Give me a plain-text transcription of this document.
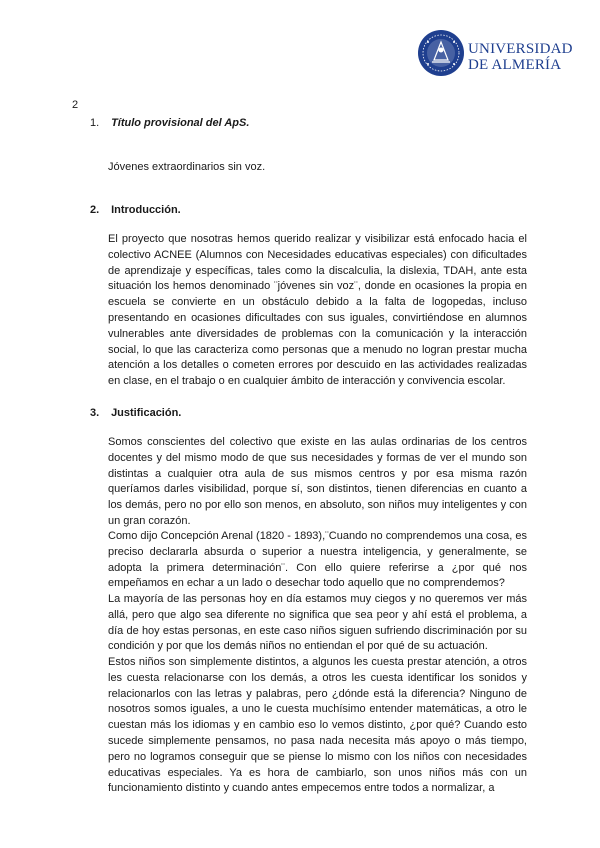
UNIVERSIDAD
DE ALMERÍA
2
1. Título provisional del ApS.

Jóvenes extraordinarios sin voz.

2. Introducción.

El proyecto que nosotras hemos querido realizar y visibilizar está enfocado hacia el colectivo ACNEE (Alumnos con Necesidades educativas especiales) con dificultades de aprendizaje y específicas, tales como la discalculia, la dislexia, TDAH, ante esta situación los hemos denominado ¨jóvenes sin voz¨, donde en ocasiones la propia en escuela se convierte en un obstáculo debido a la falta de logopedas, incluso presentando en ocasiones dificultades con sus iguales, convirtiéndose en alumnos vulnerables ante diversidades de problemas con la comunicación y la interacción social, lo que las caracteriza como personas que a menudo no logran prestar mucha atención a los detalles o cometen errores por descuido en las actividades realizadas en clase, en el trabajo o en cualquier ámbito de interacción y convivencia escolar.

3. Justificación.

Somos conscientes del colectivo que existe en las aulas ordinarias de los centros docentes y del mismo modo de que sus necesidades y formas de ver el mundo son distintas a cualquier otra aula de sus mismos centros y por esa misma razón queríamos darles visibilidad, porque sí, son distintos, tienen diferencias en cuanto a los demás, pero no por ello son menos, en absoluto, son niños muy inteligentes y con un gran corazón.

Como dijo Concepción Arenal (1820 - 1893),¨Cuando no comprendemos una cosa, es preciso declararla absurda o superior a nuestra inteligencia, y generalmente, se adopta la primera determinación¨. Con ello quiere referirse a ¿por qué nos empeñamos en echar a un lado o desechar todo aquello que no comprendemos?

La mayoría de las personas hoy en día estamos muy ciegos y no queremos ver más allá, pero que algo sea diferente no significa que sea peor y ahí está el problema, a día de hoy estas personas, en este caso niños siguen sufriendo discriminación por su condición y por que los demás niños no entiendan el por qué de su actuación.

Estos niños son simplemente distintos, a algunos les cuesta prestar atención, a otros les cuesta relacionarse con los demás, a otros les cuesta identificar los sonidos y relacionarlos con las letras y palabras, pero ¿dónde está la diferencia? Ninguno de nosotros somos iguales, a uno le cuesta muchísimo entender matemáticas, a otro le cuestan más los idiomas y en cambio eso lo vemos distinto, ¿por qué? Cuando esto sucede simplemente pensamos, no pasa nada necesita más apoyo o más tiempo, pero no logramos conseguir que se piense lo mismo con los niños con necesidades educativas especiales. Ya es hora de cambiarlo, son unos niños más con un funcionamiento distinto y cuando antes empecemos entre todos a normalizar, a
